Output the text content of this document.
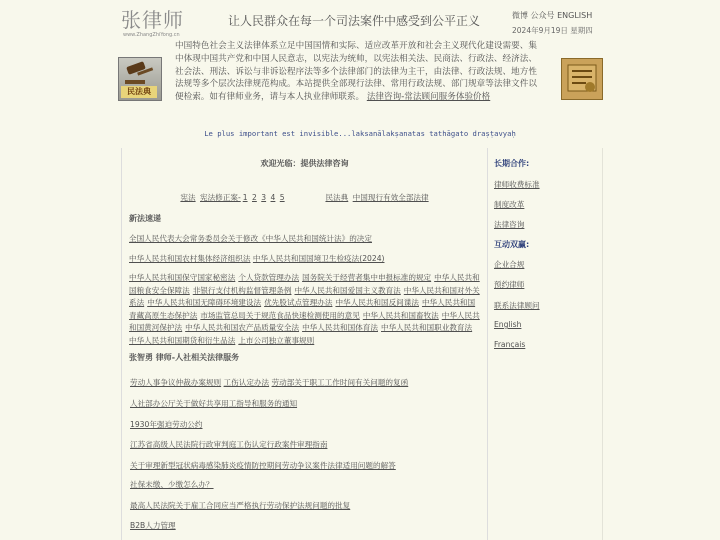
张律师
www.ZhangZhiYong.cn
让人民群众在每一个司法案件中感受到公平正义	微博 公众号 ENGLISH
2024年9月19日 星期四
民法典
中国特色社会主义法律体系立足中国国情和实际、适应改革开放和社会主义现代化建设需要、集中体现中国共产党和中国人民意志，以宪法为统帅，以宪法相关法、民商法、行政法、经济法、社会法、刑法、诉讼与非诉讼程序法等多个法律部门的法律为主干，由法律、行政法规、地方性法规等多个层次法律规范构成。本站提供全部现行法律、常用行政法规、部门规章等法律文件以便检索。如有律师业务，请与本人执业律师联系。 法律咨询-常法顾问服务体验价格
Le plus important est invisible...laksanālakṣanatas tathāgato draṣṭavyaḥ
欢迎光临：提供法律咨询
宪法 宪法修正案- 1 2 3 4 5	民法典 中国现行有效全部法律
新法速递
全国人民代表大会常务委员会关于修改《中华人民共和国统计法》的决定
中华人民共和国农村集体经济组织法 中华人民共和国国境卫生检疫法(2024)
中华人民共和国保守国家秘密法 个人贷款管理办法 国务院关于经营者集中申报标准的规定 中华人民共和国粮食安全保障法 非银行支付机构监督管理条例 中华人民共和国爱国主义教育法 中华人民共和国对外关系法 中华人民共和国无障碍环境建设法 优先股试点管理办法 中华人民共和国反间谍法 中华人民共和国青藏高原生态保护法 市场监管总局关于规范食品快速检测使用的意见 中华人民共和国畜牧法 中华人民共和国黄河保护法 中华人民共和国农产品质量安全法 中华人民共和国体育法 中华人民共和国职业教育法中华人民共和国期货和衍生品法 上市公司独立董事规则
张智勇 律师-人社相关法律服务
劳动人事争议仲裁办案规则 工伤认定办法 劳动部关于职工工作时间有关问题的复函
人社部办公厅关于做好共享用工指导和服务的通知
1930年强迫劳动公约
江苏省高级人民法院行政审判庭工伤认定行政案件审理指南
关于审理新型冠状病毒感染肺炎疫情防控期间劳动争议案件法律适用问题的解答
社保未缴、少缴怎么办？
最高人民法院关于雇工合同应当严格执行劳动保护法规问题的批复
B2B人力管理
长期合作:
律师收费标准
制度改革
法律咨询
互动双赢:
企业合规
预约律师
联系法律顾问
English
Français
